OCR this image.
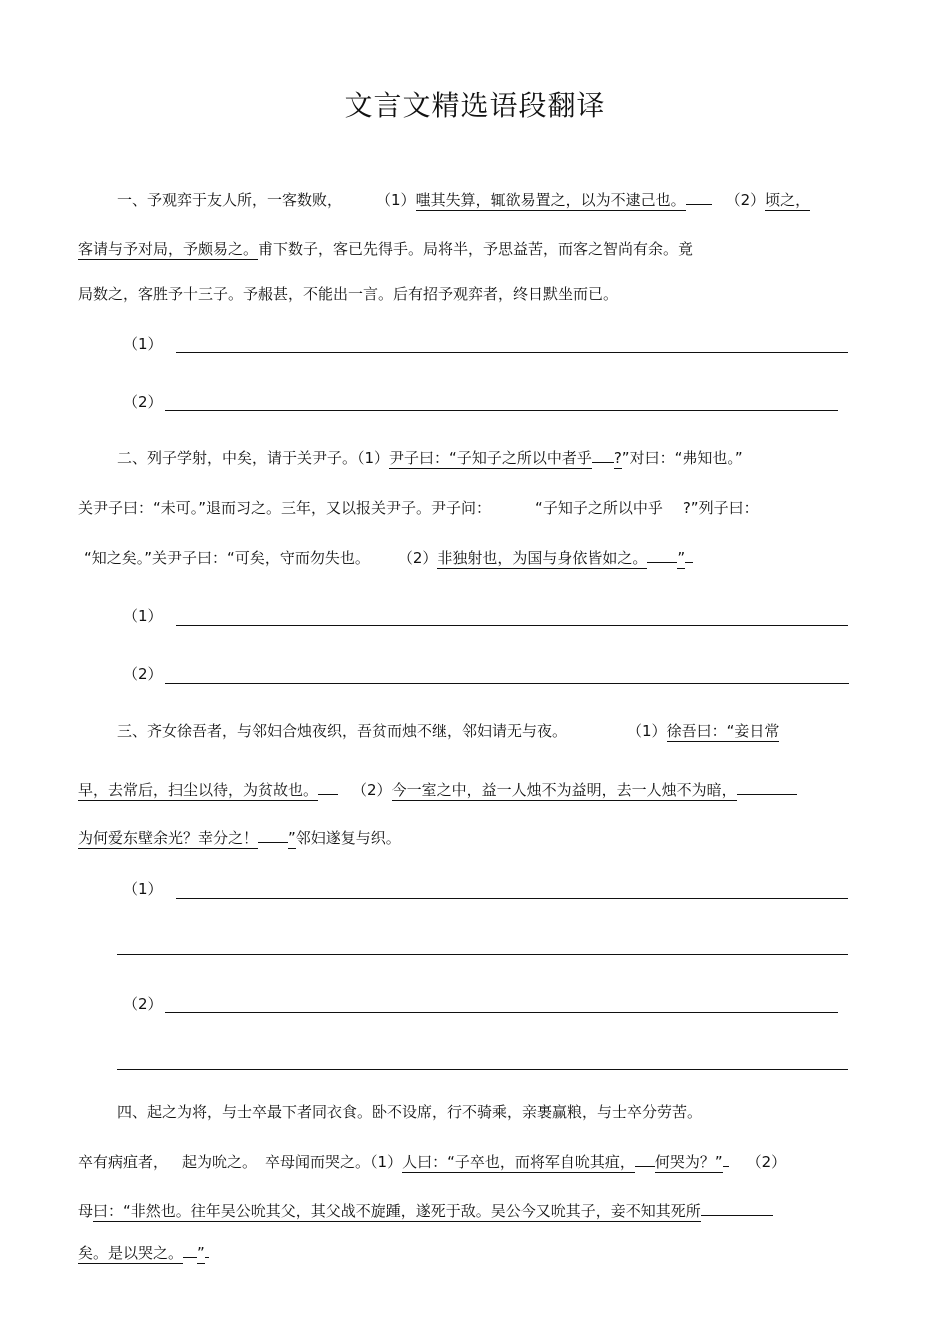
文言文精选语段翻译
一、予观弈于友人所，一客数败， （1）嗤其失算，辄欲易置之，以为不逮己也。	（2）顷之，
客请与予对局，予颇易之。甫下数子，客已先得手。局将半，予思益苦，而客之智尚有余。竟
局数之，客胜予十三子。予赧甚，不能出一言。后有招予观弈者，终日默坐而已。
（1）
（2）
二、列子学射，中矣，请于关尹子。（1）尹子曰：“子知子之所以中者乎 ?”对曰：“弗知也。”
关尹子曰：“未可。”退而习之。三年，又以报关尹子。尹子问：	“子知子之所以中乎 ?”列子曰：
“知之矣。”关尹子曰：“可矣，守而勿失也。 （2）非独射也，为国与身依皆如之。 ”
（1）
（2）
三、齐女徐吾者，与邻妇合烛夜织，吾贫而烛不继，邻妇请无与夜。	（1）徐吾曰：“妾日常
早，去常后，扫尘以待，为贫故也。 （2）今一室之中，益一人烛不为益明，去一人烛不为暗，
为何爱东壁余光？幸分之！ ”邻妇遂复与织。
（1）
（2）
四、起之为将，与士卒最下者同衣食。卧不设席，行不骑乘，亲裹赢粮，与士卒分劳苦。
卒有病疽者， 起为吮之。 卒母闻而哭之。（1）人曰：“子卒也，而将军自吮其疽， 何哭为？” （2）
母曰：“非然也。往年吴公吮其父，其父战不旋踵，遂死于敌。吴公今又吮其子，妾不知其死所
矣。是以哭之。 ”
